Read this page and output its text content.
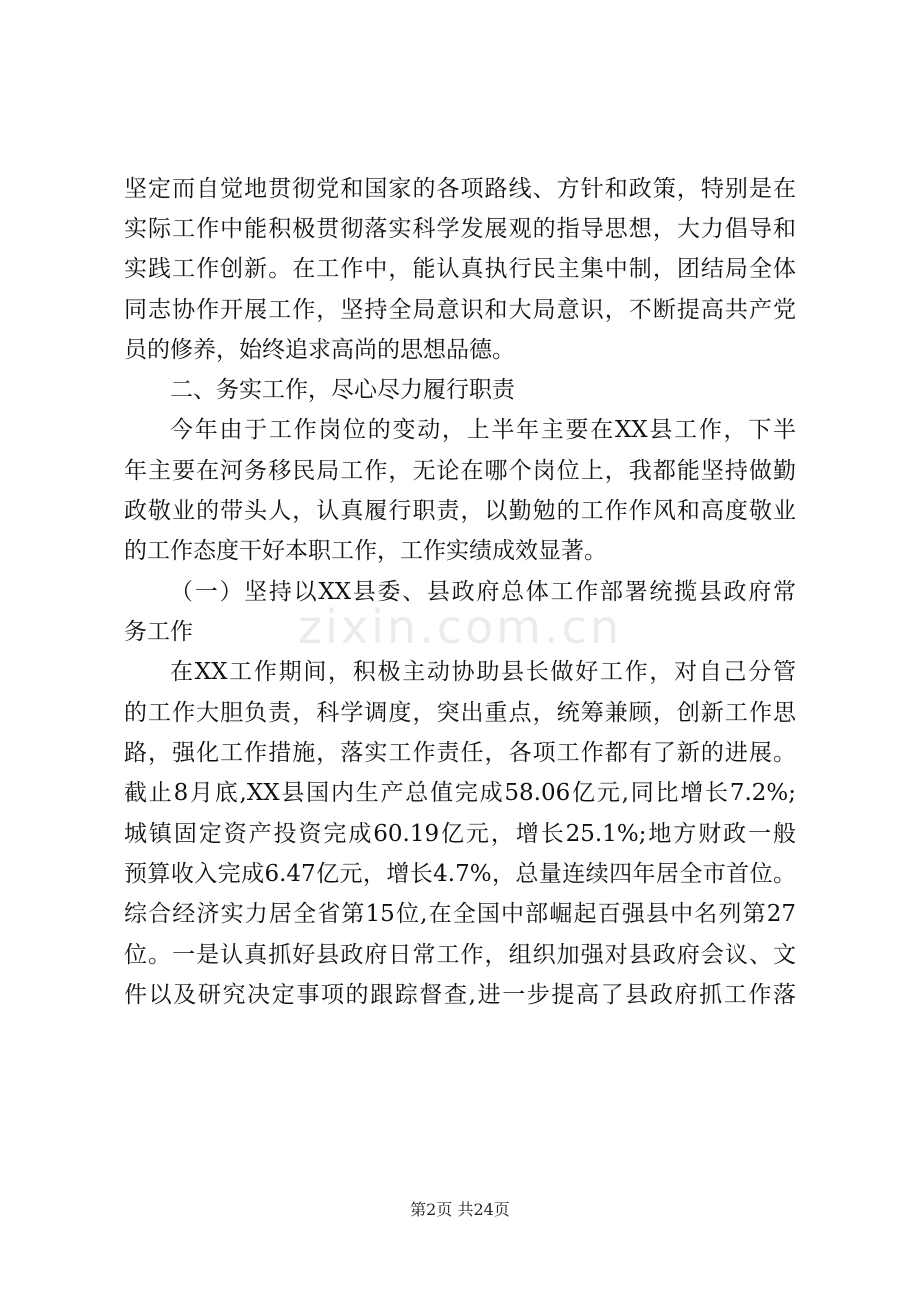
zixin.com.cn
坚定而自觉地贯彻党和国家的各项路线、方针和政策，特别是在
实际工作中能积极贯彻落实科学发展观的指导思想，大力倡导和
实践工作创新。在工作中，能认真执行民主集中制，团结局全体
同志协作开展工作，坚持全局意识和大局意识，不断提高共产党
员的修养，始终追求高尚的思想品德。
二、务实工作，尽心尽力履行职责
今年由于工作岗位的变动，上半年主要在XX县工作，下半
年主要在河务移民局工作，无论在哪个岗位上，我都能坚持做勤
政敬业的带头人，认真履行职责，以勤勉的工作作风和高度敬业
的工作态度干好本职工作，工作实绩成效显著。
（一）坚持以XX县委、县政府总体工作部署统揽县政府常
务工作
在XX工作期间，积极主动协助县长做好工作，对自己分管
的工作大胆负责，科学调度，突出重点，统筹兼顾，创新工作思
路，强化工作措施，落实工作责任，各项工作都有了新的进展。
截止8月底,XX县国内生产总值完成58.06亿元,同比增长7.2%;
城镇固定资产投资完成60.19亿元，增长25.1%;地方财政一般
预算收入完成6.47亿元，增长4.7%，总量连续四年居全市首位。
综合经济实力居全省第15位,在全国中部崛起百强县中名列第27
位。一是认真抓好县政府日常工作，组织加强对县政府会议、文
件以及研究决定事项的跟踪督查,进一步提高了县政府抓工作落
第2页 共24页
